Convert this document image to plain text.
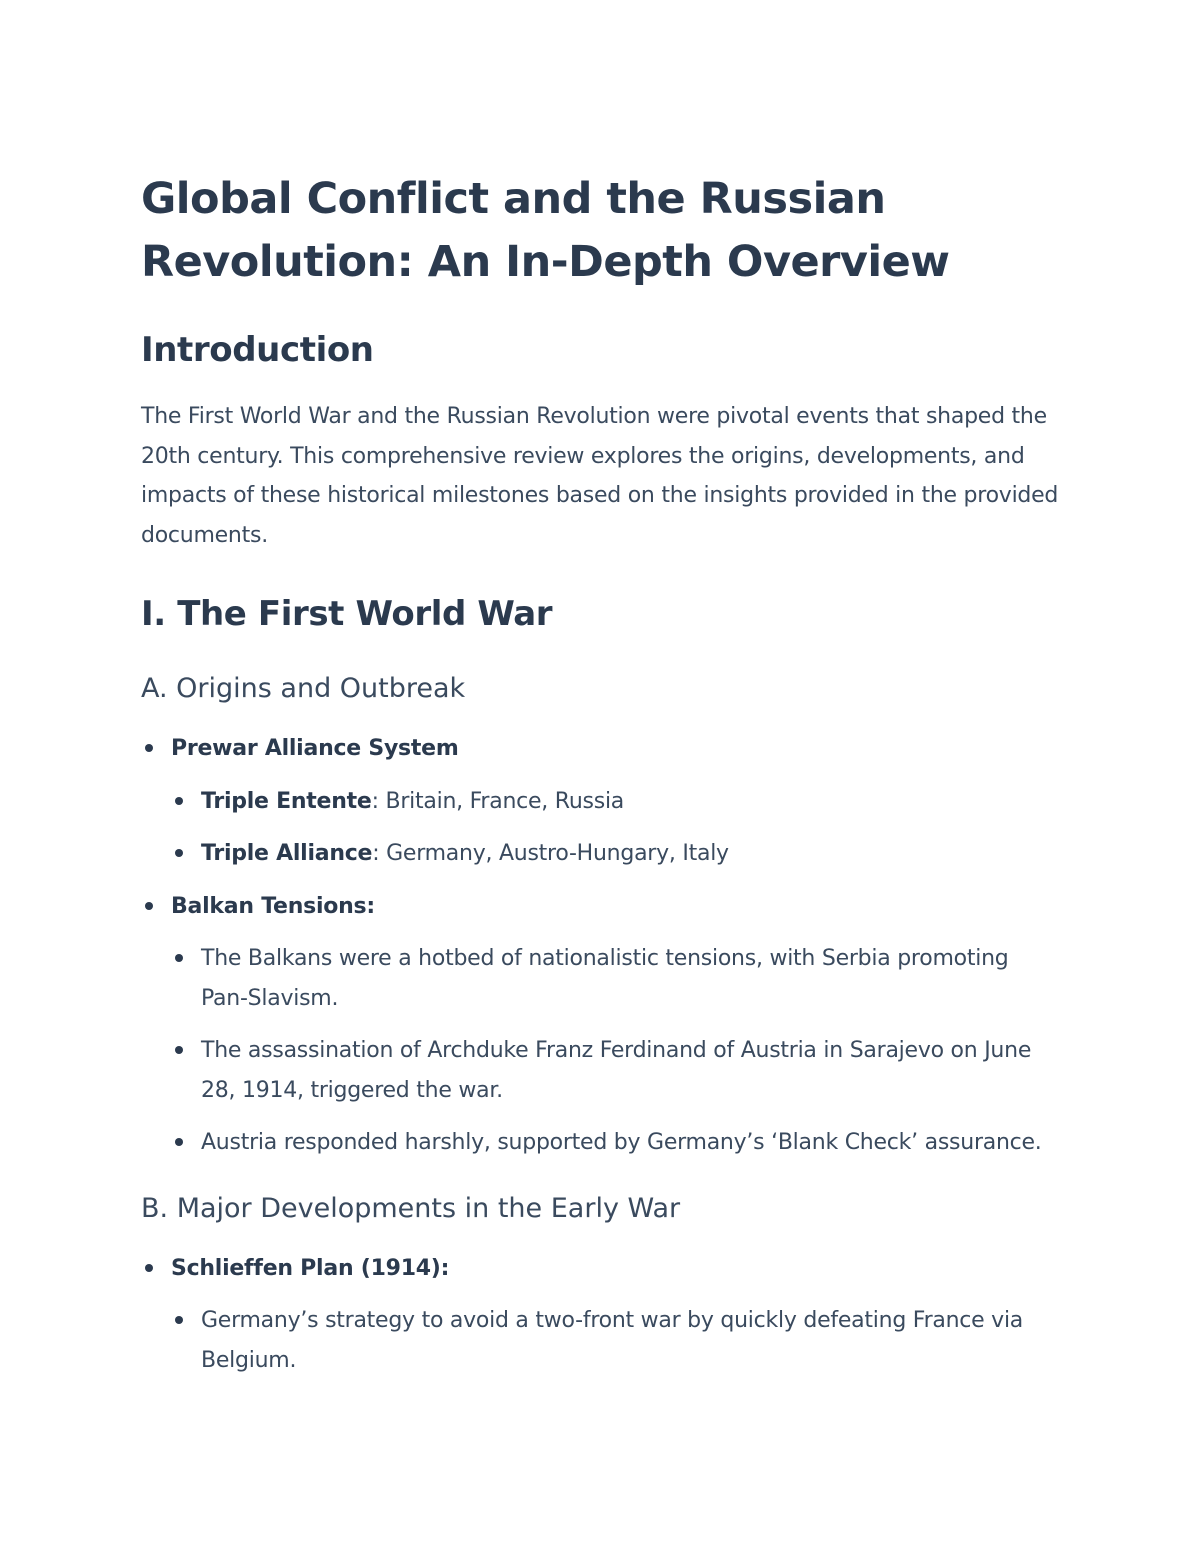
Global Conflict and the Russian Revolution: An In-Depth Overview
Introduction

The First World War and the Russian Revolution were pivotal events that shaped the 20th century. This comprehensive review explores the origins, developments, and impacts of these historical milestones based on the insights provided in the provided documents.

I. The First World War
A. Origins and Outbreak
Prewar Alliance System
Triple Entente: Britain, France, Russia
Triple Alliance: Germany, Austro-Hungary, Italy
Balkan Tensions:
The Balkans were a hotbed of nationalistic tensions, with Serbia promoting Pan-Slavism.
The assassination of Archduke Franz Ferdinand of Austria in Sarajevo on June 28, 1914, triggered the war.
Austria responded harshly, supported by Germany’s ‘Blank Check’ assurance.
B. Major Developments in the Early War
Schlieffen Plan (1914):
Germany’s strategy to avoid a two-front war by quickly defeating France via Belgium.
